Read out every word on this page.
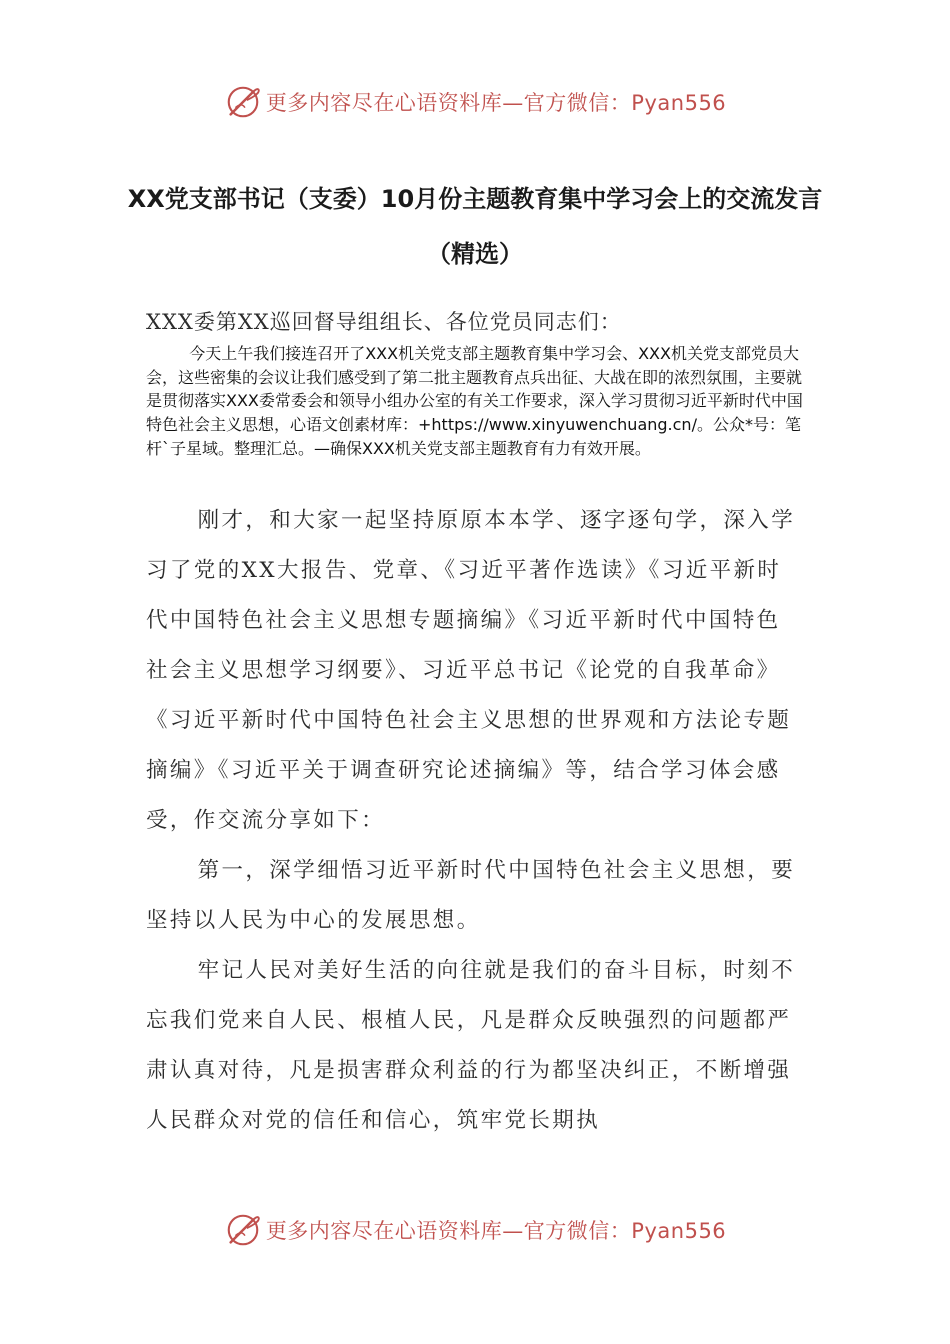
更多内容尽在心语资料库—官方微信：Pyan556
XX党支部书记（支委）10月份主题教育集中学习会上的交流发言（精选）

XXX委第XX巡回督导组组长、各位党员同志们：

今天上午我们接连召开了XXX机关党支部主题教育集中学习会、XXX机关党支部党员大会，这些密集的会议让我们感受到了第二批主题教育点兵出征、大战在即的浓烈氛围，主要就是贯彻落实XXX委常委会和领导小组办公室的有关工作要求，深入学习贯彻习近平新时代中国特色社会主义思想，心语文创素材库：+https://www.xinyuwenchuang.cn/。公众*号：笔杆`子星域。整理汇总。—确保XXX机关党支部主题教育有力有效开展。

刚才，和大家一起坚持原原本本学、逐字逐句学，深入学习了党的XX大报告、党章、《习近平著作选读》《习近平新时代中国特色社会主义思想专题摘编》《习近平新时代中国特色社会主义思想学习纲要》、习近平总书记《论党的自我革命》《习近平新时代中国特色社会主义思想的世界观和方法论专题摘编》《习近平关于调查研究论述摘编》等，结合学习体会感受，作交流分享如下：

第一，深学细悟习近平新时代中国特色社会主义思想，要坚持以人民为中心的发展思想。

牢记人民对美好生活的向往就是我们的奋斗目标，时刻不忘我们党来自人民、根植人民，凡是群众反映强烈的问题都严肃认真对待，凡是损害群众利益的行为都坚决纠正，不断增强人民群众对党的信任和信心，筑牢党长期执

更多内容尽在心语资料库—官方微信：Pyan556
